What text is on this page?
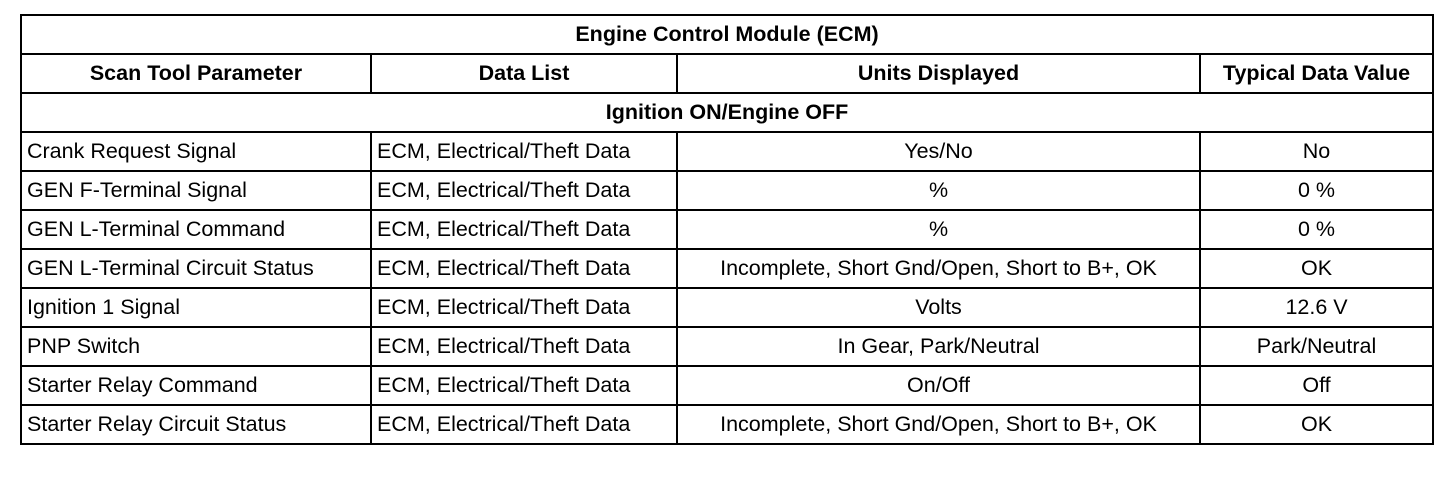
Engine Control Module (ECM)			
Scan Tool Parameter	Data List	Units Displayed	Typical Data Value
Ignition ON/Engine OFF			
Crank Request Signal	ECM, Electrical/Theft Data	Yes/No	No
GEN F-Terminal Signal	ECM, Electrical/Theft Data	%	0 %
GEN L-Terminal Command	ECM, Electrical/Theft Data	%	0 %
GEN L-Terminal Circuit Status	ECM, Electrical/Theft Data	Incomplete, Short Gnd/Open, Short to B+, OK	OK
Ignition 1 Signal	ECM, Electrical/Theft Data	Volts	12.6 V
PNP Switch	ECM, Electrical/Theft Data	In Gear, Park/Neutral	Park/Neutral
Starter Relay Command	ECM, Electrical/Theft Data	On/Off	Off
Starter Relay Circuit Status	ECM, Electrical/Theft Data	Incomplete, Short Gnd/Open, Short to B+, OK	OK
